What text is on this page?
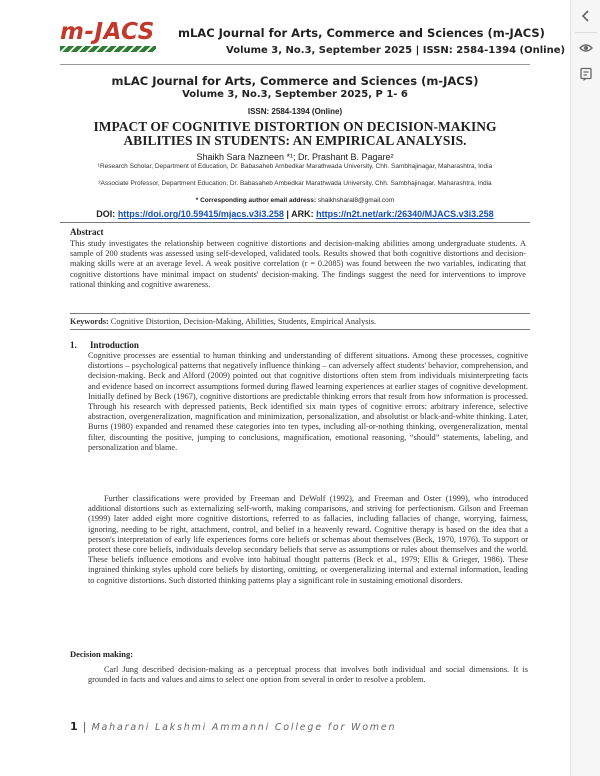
m-JACS	mLAC Journal for Arts, Commerce and Sciences (m-JACS)
Volume 3, No.3, September 2025 | ISSN: 2584-1394 (Online)
mLAC Journal for Arts, Commerce and Sciences (m-JACS)
Volume 3, No.3, September 2025, P 1- 6
ISSN: 2584-1394 (Online)
IMPACT OF COGNITIVE DISTORTION ON DECISION-MAKING
ABILITIES IN STUDENTS: AN EMPIRICAL ANALYSIS.
Shaikh Sara Nazneen *¹; Dr. Prashant B. Pagare²
¹Research Scholar, Department of Education, Dr. Babasaheb Ambedkar Marathwada University, Chh. Sambhajinagar, Maharashtra, India
²Associate Professor, Department Education, Dr. Babasaheb Ambedkar Marathwada University, Chh. Sambhajinagar, Maharashtra, India
* Corresponding author email address: shaikhsharal8@gmail.com
DOI: https://doi.org/10.59415/mjacs.v3i3.258 | ARK: https://n2t.net/ark:/26340/MJACS.v3i3.258
Abstract
This study investigates the relationship between cognitive distortions and decision-making abilities among undergraduate students. A sample of 200 students was assessed using self-developed, validated tools. Results showed that both cognitive distortions and decision-making skills were at an average level. A weak positive correlation (r = 0.2085) was found between the two variables, indicating that cognitive distortions have minimal impact on students' decision-making. The findings suggest the need for interventions to improve rational thinking and cognitive awareness.
Keywords: Cognitive Distortion, Decision-Making, Abilities, Students, Empirical Analysis.
1. Introduction
Cognitive processes are essential to human thinking and understanding of different situations. Among these processes, cognitive distortions – psychological patterns that negatively influence thinking – can adversely affect students' behavior, comprehension, and decision-making. Beck and Alford (2009) pointed out that cognitive distortions often stem from individuals misinterpreting facts and evidence based on incorrect assumptions formed during flawed learning experiences at earlier stages of cognitive development. Initially defined by Beck (1967), cognitive distortions are predictable thinking errors that result from how information is processed. Through his research with depressed patients, Beck identified six main types of cognitive errors: arbitrary inference, selective abstraction, overgeneralization, magnification and minimization, personalization, and absolutist or black-and-white thinking. Later, Burns (1980) expanded and renamed these categories into ten types, including all-or-nothing thinking, overgeneralization, mental filter, discounting the positive, jumping to conclusions, magnification, emotional reasoning, “should” statements, labeling, and personalization and blame.
Further classifications were provided by Freeman and DeWolf (1992), and Freeman and Oster (1999), who introduced additional distortions such as externalizing self-worth, making comparisons, and striving for perfectionism. Gilson and Freeman (1999) later added eight more cognitive distortions, referred to as fallacies, including fallacies of change, worrying, fairness, ignoring, needing to be right, attachment, control, and belief in a heavenly reward. Cognitive therapy is based on the idea that a person's interpretation of early life experiences forms core beliefs or schemas about themselves (Beck, 1970, 1976). To support or protect these core beliefs, individuals develop secondary beliefs that serve as assumptions or rules about themselves and the world. These beliefs influence emotions and evolve into habitual thought patterns (Beck et al., 1979; Ellis & Grieger, 1986). These ingrained thinking styles uphold core beliefs by distorting, omitting, or overgeneralizing internal and external information, leading to cognitive distortions. Such distorted thinking patterns play a significant role in sustaining emotional disorders.
Decision making:
Carl Jung described decision-making as a perceptual process that involves both individual and social dimensions. It is grounded in facts and values and aims to select one option from several in order to resolve a problem.
1 | Maharani Lakshmi Ammanni College for Women
